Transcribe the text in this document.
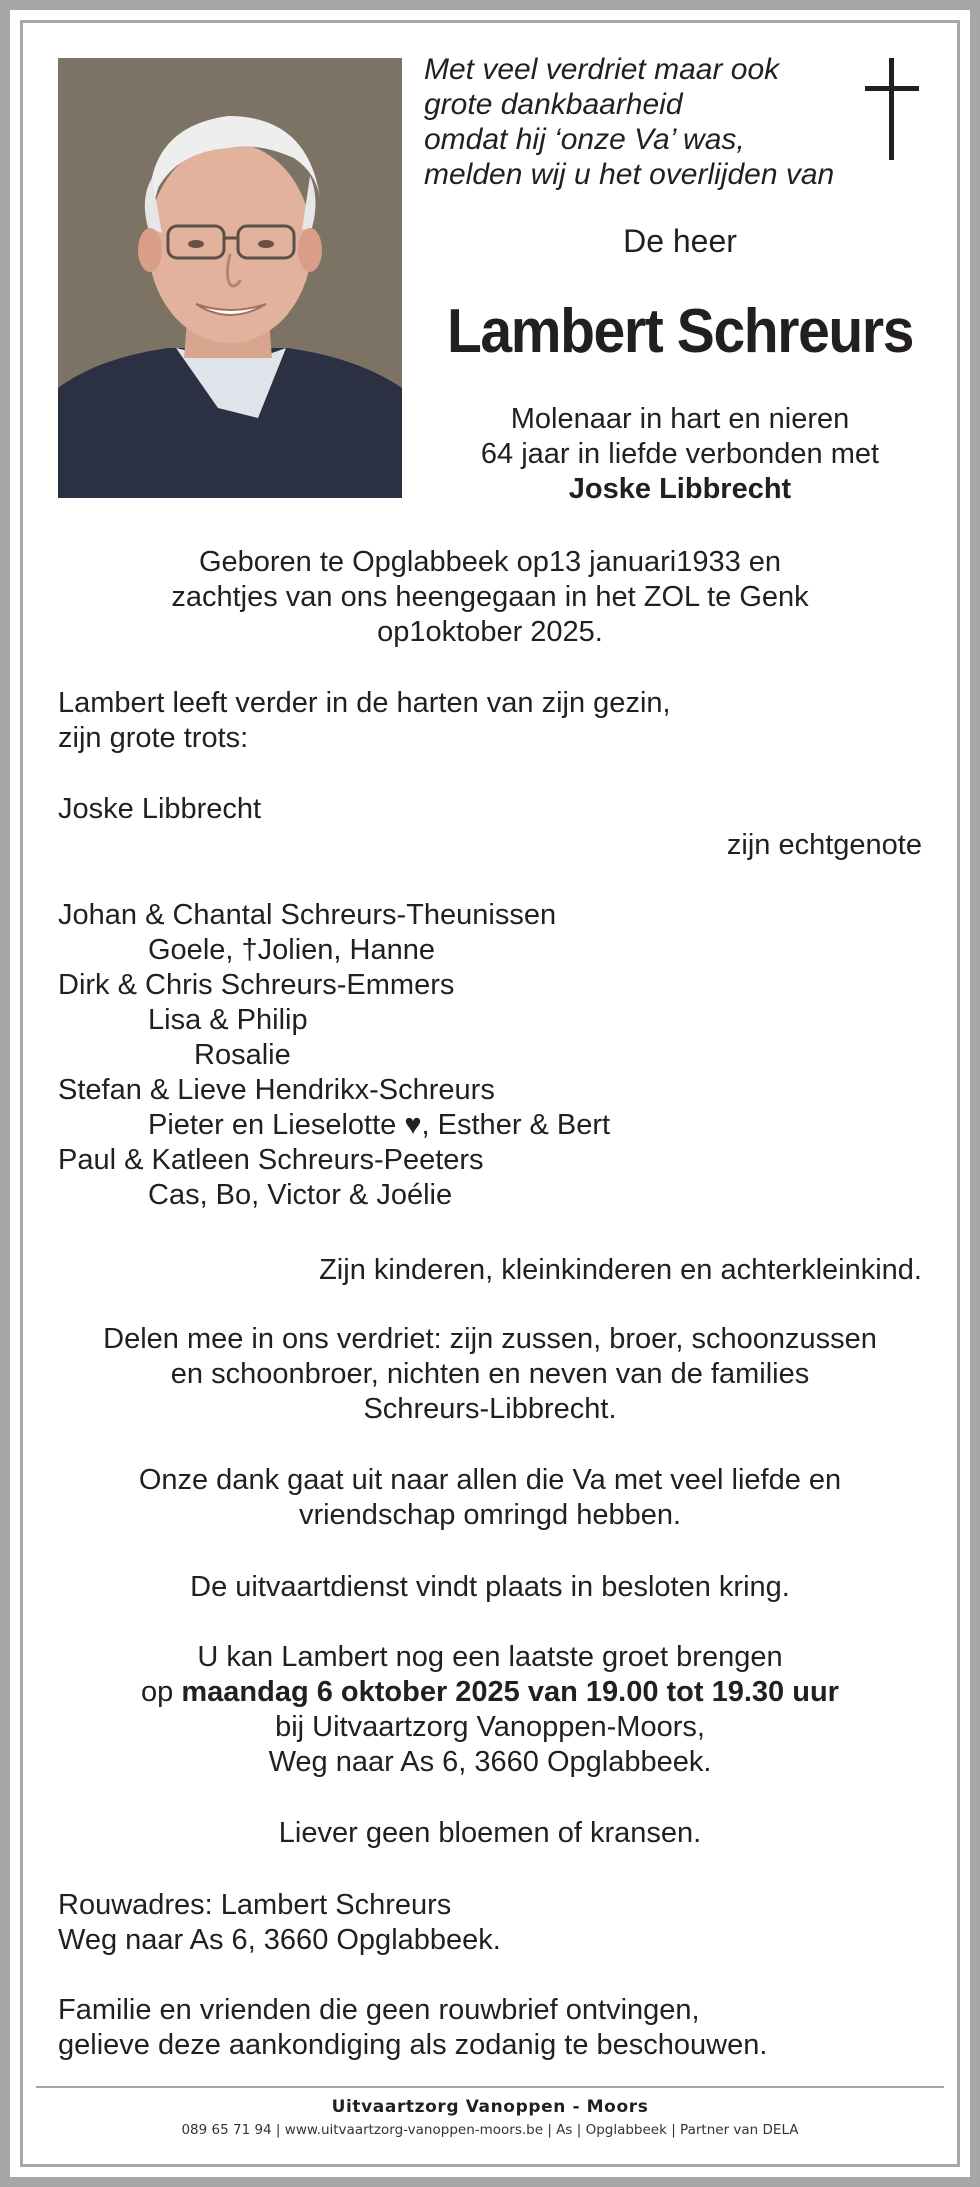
Met veel verdriet maar ook
grote dankbaarheid
omdat hij ‘onze Va’ was,
melden wij u het overlijden van
De heer
Lambert Schreurs
Molenaar in hart en nieren
64 jaar in liefde verbonden met
Joske Libbrecht
Geboren te Opglabbeek op13 januari1933 en
zachtjes van ons heengegaan in het ZOL te Genk
op1oktober 2025.
Lambert leeft verder in de harten van zijn gezin,
zijn grote trots:
Joske Libbrecht
zijn echtgenote
Johan & Chantal Schreurs-Theunissen
Goele, †Jolien, Hanne
Dirk & Chris Schreurs-Emmers
Lisa & Philip
Rosalie
Stefan & Lieve Hendrikx-Schreurs
Pieter en Lieselotte ♥, Esther & Bert
Paul & Katleen Schreurs-Peeters
Cas, Bo, Victor & Joélie
Zijn kinderen, kleinkinderen en achterkleinkind.
Delen mee in ons verdriet: zijn zussen, broer, schoonzussen
en schoonbroer, nichten en neven van de families
Schreurs-Libbrecht.
Onze dank gaat uit naar allen die Va met veel liefde en
vriendschap omringd hebben.
De uitvaartdienst vindt plaats in besloten kring.
U kan Lambert nog een laatste groet brengen
op maandag 6 oktober 2025 van 19.00 tot 19.30 uur
bij Uitvaartzorg Vanoppen-Moors,
Weg naar As 6, 3660 Opglabbeek.
Liever geen bloemen of kransen.
Rouwadres: Lambert Schreurs
Weg naar As 6, 3660 Opglabbeek.
Familie en vrienden die geen rouwbrief ontvingen,
gelieve deze aankondiging als zodanig te beschouwen.
Uitvaartzorg Vanoppen - Moors
089 65 71 94 | www.uitvaartzorg-vanoppen-moors.be | As | Opglabbeek | Partner van DELA
